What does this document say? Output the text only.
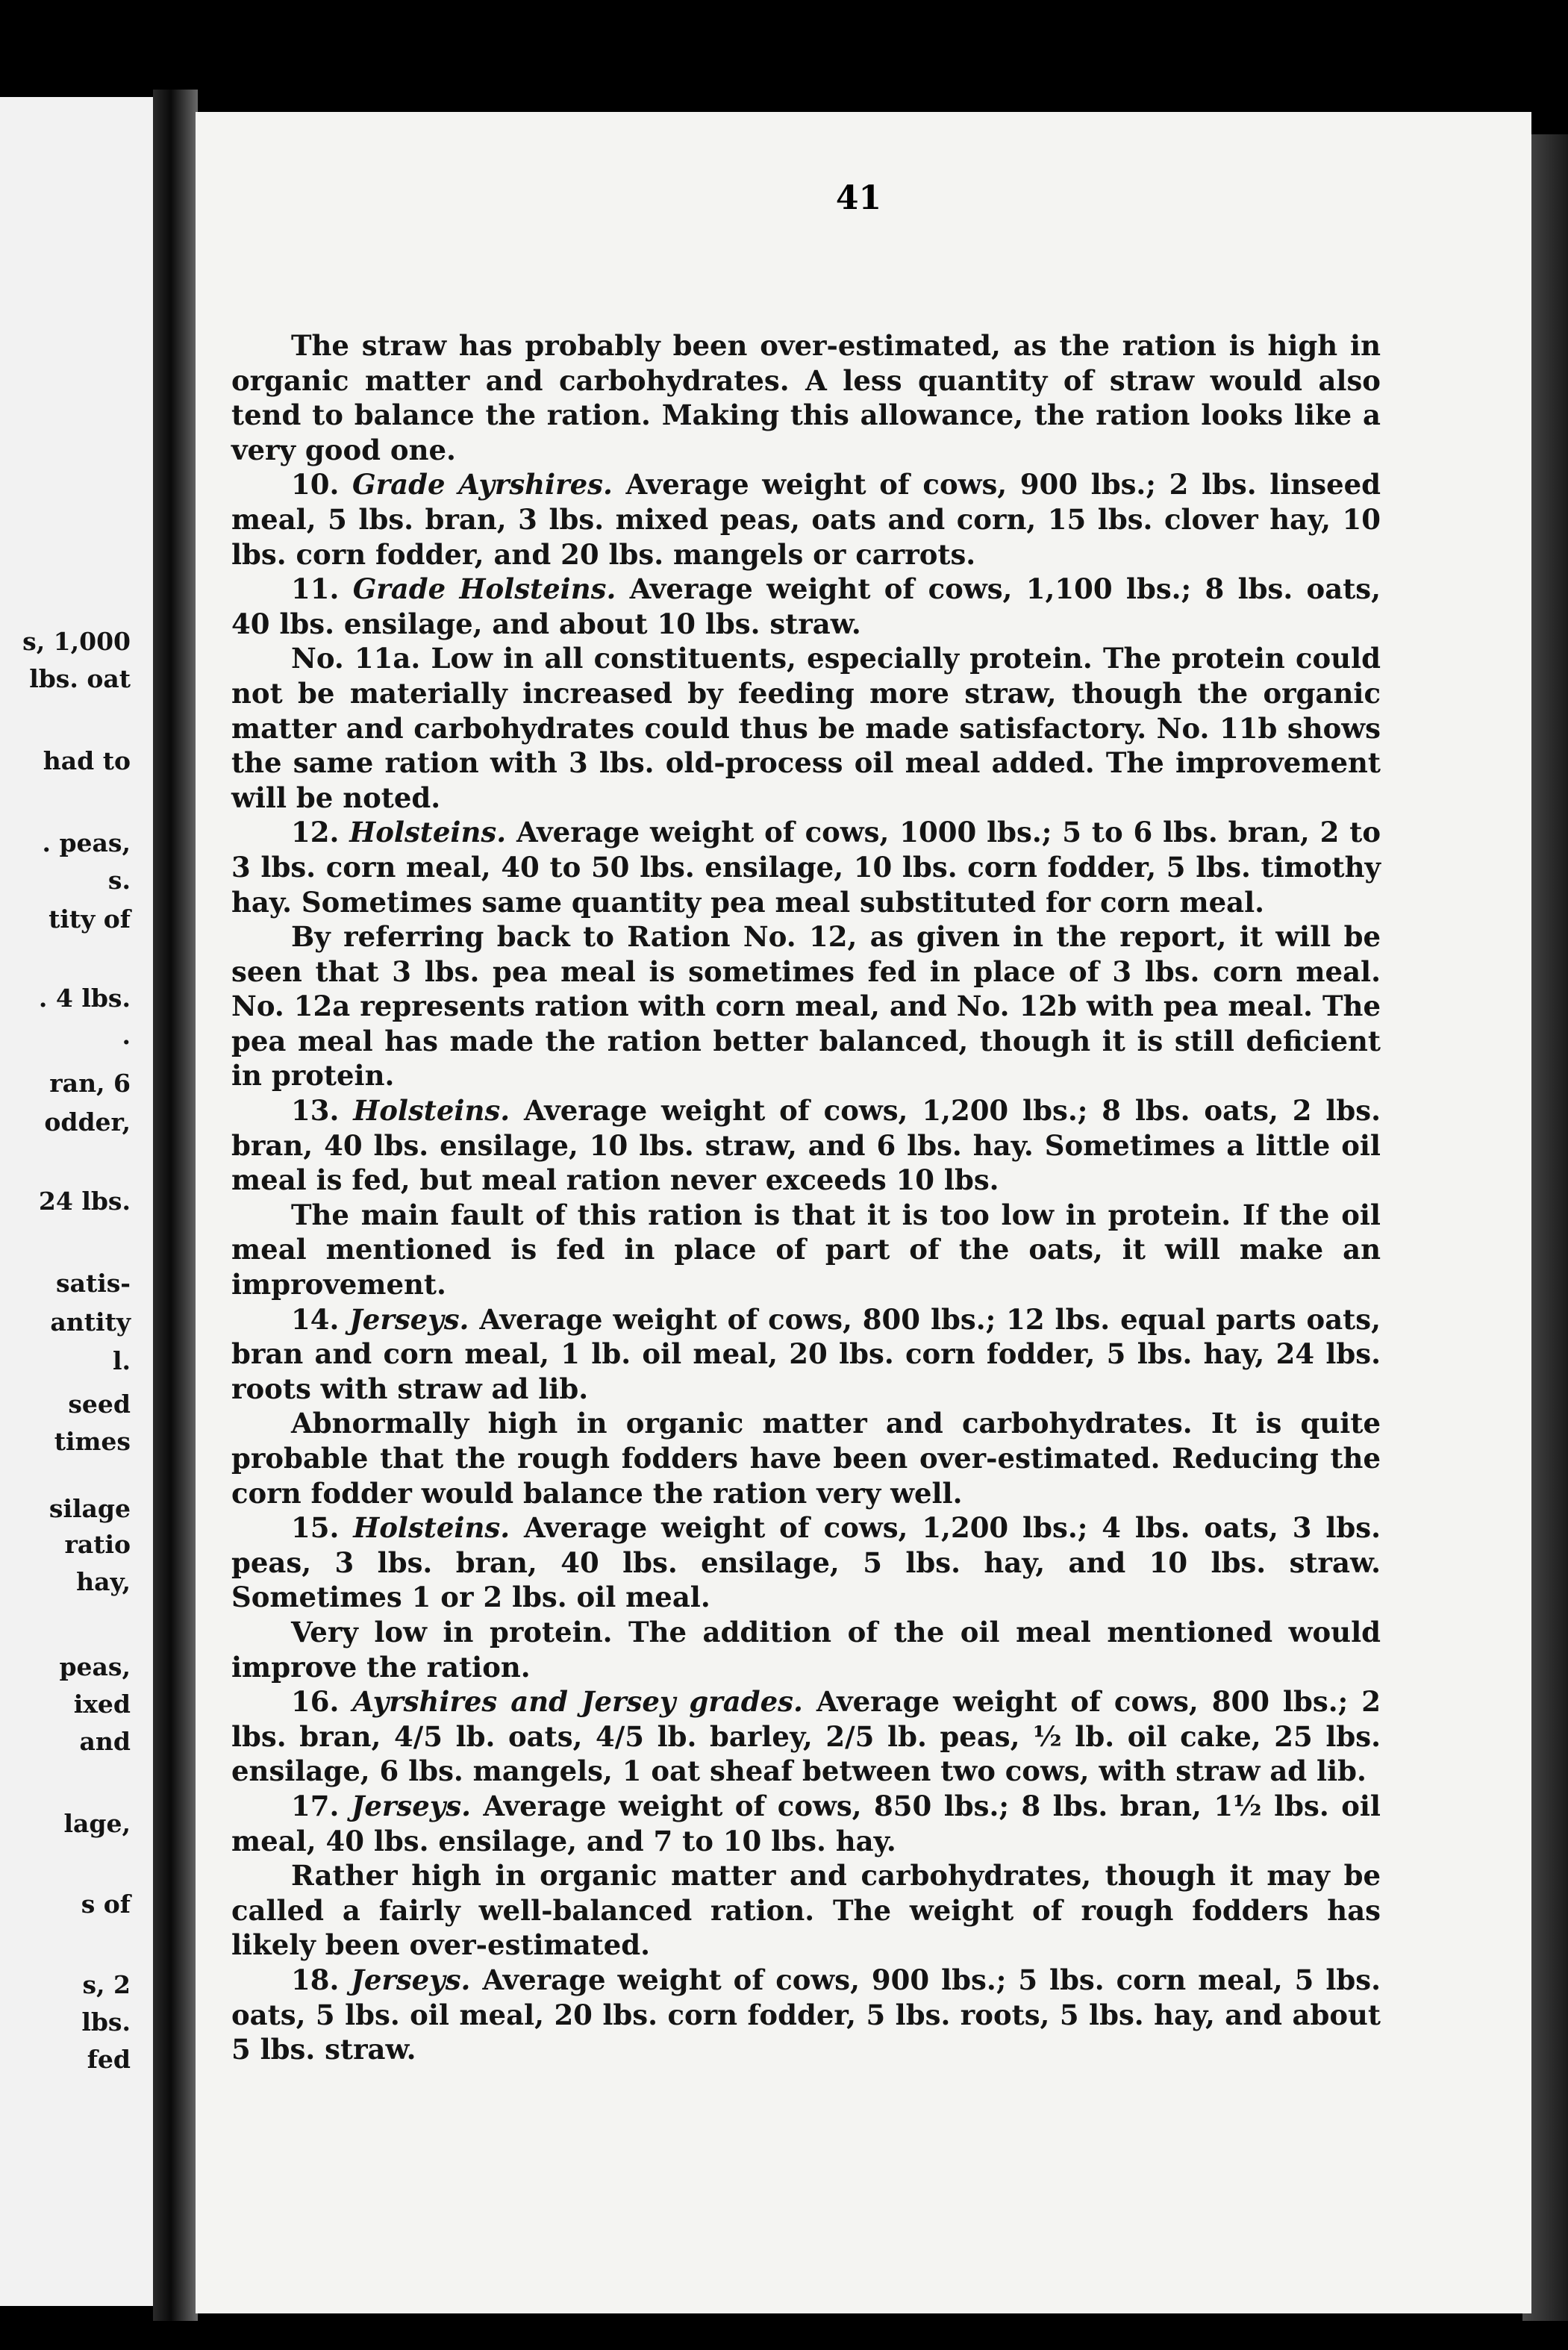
s, 1,000
lbs. oat
had to
. peas,
s.
tity of
. 4 lbs.
.
ran, 6
odder,
24 lbs.
satis-
antity
l.
seed
times
silage
ratio
hay,
peas,
ixed
and
lage,
s of
s, 2
lbs.
fed
41

The straw has probably been over-estimated, as the ration is high in organic matter and carbohydrates. A less quantity of straw would also tend to balance the ration. Making this allowance, the ration looks like a very good one.

10. Grade Ayrshires. Average weight of cows, 900 lbs.; 2 lbs. linseed meal, 5 lbs. bran, 3 lbs. mixed peas, oats and corn, 15 lbs. clover hay, 10 lbs. corn fodder, and 20 lbs. mangels or carrots.

11. Grade Holsteins. Average weight of cows, 1,100 lbs.; 8 lbs. oats, 40 lbs. ensilage, and about 10 lbs. straw.

No. 11a. Low in all constituents, especially protein. The protein could not be materially increased by feeding more straw, though the organic matter and carbohydrates could thus be made satisfactory. No. 11b shows the same ration with 3 lbs. old-process oil meal added. The improvement will be noted.

12. Holsteins. Average weight of cows, 1000 lbs.; 5 to 6 lbs. bran, 2 to 3 lbs. corn meal, 40 to 50 lbs. ensilage, 10 lbs. corn fodder, 5 lbs. timothy hay. Sometimes same quantity pea meal substituted for corn meal.

By referring back to Ration No. 12, as given in the report, it will be seen that 3 lbs. pea meal is sometimes fed in place of 3 lbs. corn meal. No. 12a represents ration with corn meal, and No. 12b with pea meal. The pea meal has made the ration better balanced, though it is still deficient in protein.

13. Holsteins. Average weight of cows, 1,200 lbs.; 8 lbs. oats, 2 lbs. bran, 40 lbs. ensilage, 10 lbs. straw, and 6 lbs. hay. Sometimes a little oil meal is fed, but meal ration never exceeds 10 lbs.

The main fault of this ration is that it is too low in protein. If the oil meal mentioned is fed in place of part of the oats, it will make an improvement.

14. Jerseys. Average weight of cows, 800 lbs.; 12 lbs. equal parts oats, bran and corn meal, 1 lb. oil meal, 20 lbs. corn fodder, 5 lbs. hay, 24 lbs. roots with straw ad lib.

Abnormally high in organic matter and carbohydrates. It is quite probable that the rough fodders have been over-estimated. Reducing the corn fodder would balance the ration very well.

15. Holsteins. Average weight of cows, 1,200 lbs.; 4 lbs. oats, 3 lbs. peas, 3 lbs. bran, 40 lbs. ensilage, 5 lbs. hay, and 10 lbs. straw. Sometimes 1 or 2 lbs. oil meal.

Very low in protein. The addition of the oil meal mentioned would improve the ration.

16. Ayrshires and Jersey grades. Average weight of cows, 800 lbs.; 2 lbs. bran, 4/5 lb. oats, 4/5 lb. barley, 2/5 lb. peas, ½ lb. oil cake, 25 lbs. ensilage, 6 lbs. mangels, 1 oat sheaf between two cows, with straw ad lib.

17. Jerseys. Average weight of cows, 850 lbs.; 8 lbs. bran, 1½ lbs. oil meal, 40 lbs. ensilage, and 7 to 10 lbs. hay.

Rather high in organic matter and carbohydrates, though it may be called a fairly well-balanced ration. The weight of rough fodders has likely been over-estimated.

18. Jerseys. Average weight of cows, 900 lbs.; 5 lbs. corn meal, 5 lbs. oats, 5 lbs. oil meal, 20 lbs. corn fodder, 5 lbs. roots, 5 lbs. hay, and about 5 lbs. straw.
